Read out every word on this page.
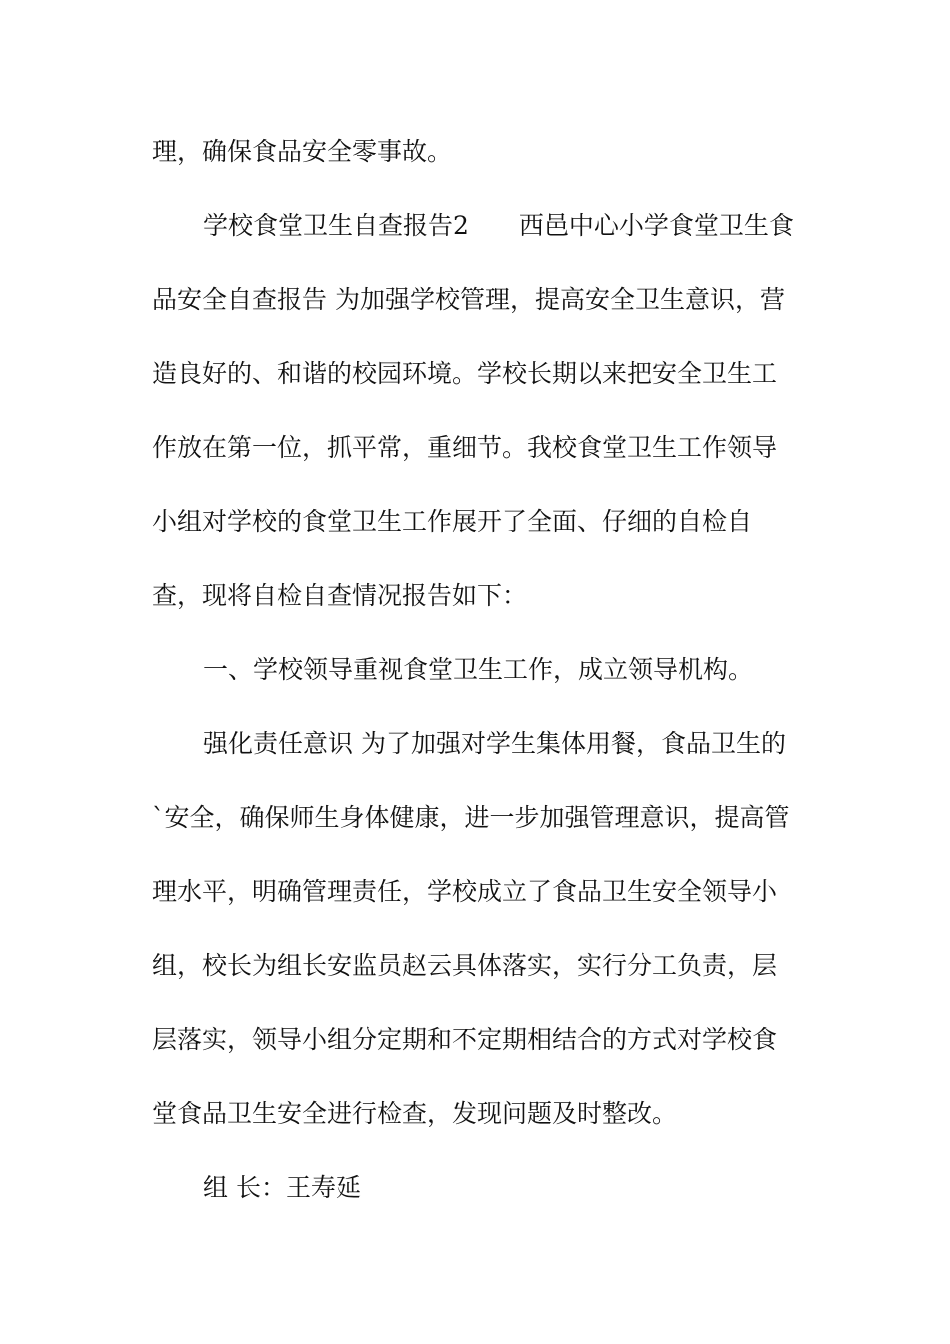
理，确保食品安全零事故。
学校食堂卫生自查报告2　　西邑中心小学食堂卫生食
品安全自查报告 为加强学校管理，提高安全卫生意识，营
造良好的、和谐的校园环境。学校长期以来把安全卫生工
作放在第一位，抓平常，重细节。我校食堂卫生工作领导
小组对学校的食堂卫生工作展开了全面、仔细的自检自
查，现将自检自查情况报告如下：
一、学校领导重视食堂卫生工作，成立领导机构。
强化责任意识 为了加强对学生集体用餐，食品卫生的
`安全，确保师生身体健康，进一步加强管理意识，提高管
理水平，明确管理责任，学校成立了食品卫生安全领导小
组，校长为组长安监员赵云具体落实，实行分工负责，层
层落实，领导小组分定期和不定期相结合的方式对学校食
堂食品卫生安全进行检查，发现问题及时整改。
组 长：王寿延
